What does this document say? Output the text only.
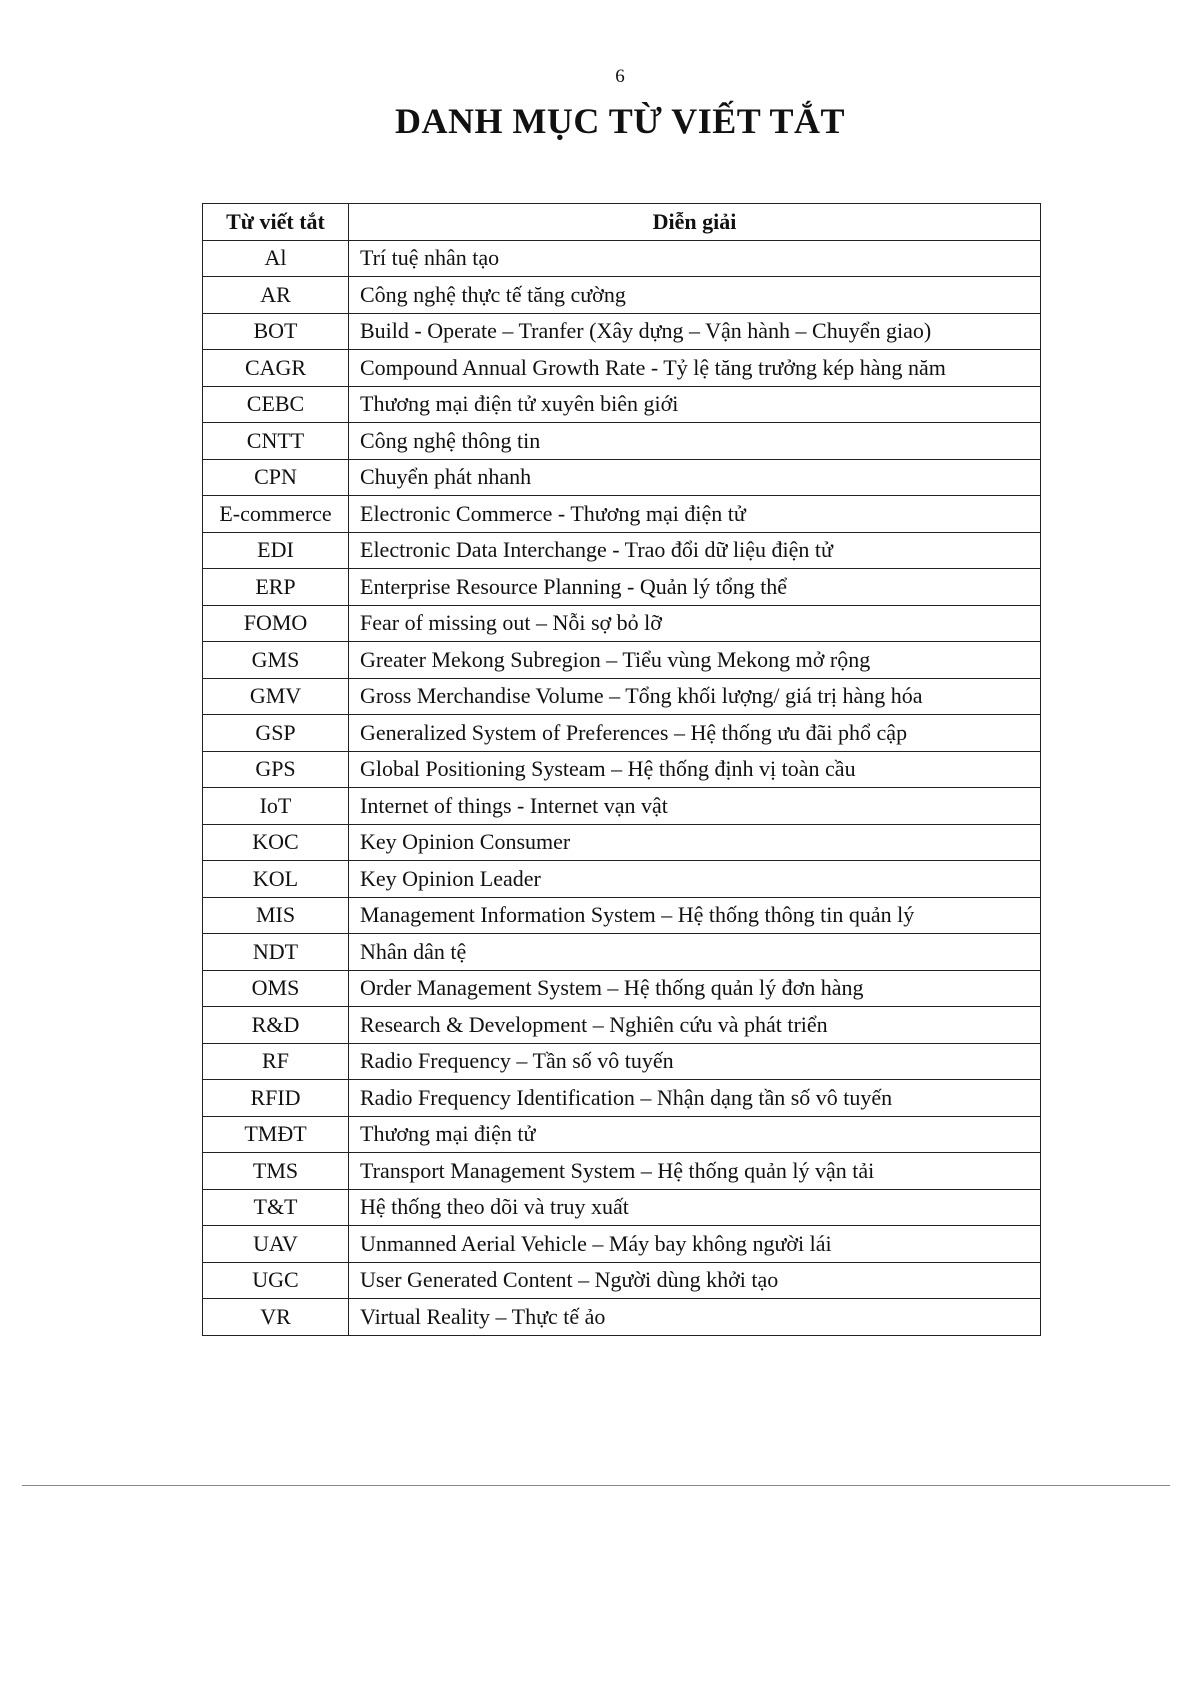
6
DANH MỤC TỪ VIẾT TẮT
Từ viết tắt	Diễn giải
Al	Trí tuệ nhân tạo
AR	Công nghệ thực tế tăng cường
BOT	Build - Operate – Tranfer (Xây dựng – Vận hành – Chuyển giao)
CAGR	Compound Annual Growth Rate - Tỷ lệ tăng trưởng kép hàng năm
CEBC	Thương mại điện tử xuyên biên giới
CNTT	Công nghệ thông tin
CPN	Chuyển phát nhanh
E-commerce	Electronic Commerce - Thương mại điện tử
EDI	Electronic Data Interchange - Trao đổi dữ liệu điện tử
ERP	Enterprise Resource Planning - Quản lý tổng thể
FOMO	Fear of missing out – Nỗi sợ bỏ lỡ
GMS	Greater Mekong Subregion – Tiểu vùng Mekong mở rộng
GMV	Gross Merchandise Volume – Tổng khối lượng/ giá trị hàng hóa
GSP	Generalized System of Preferences – Hệ thống ưu đãi phổ cập
GPS	Global Positioning Systeam – Hệ thống định vị toàn cầu
IoT	Internet of things - Internet vạn vật
KOC	Key Opinion Consumer
KOL	Key Opinion Leader
MIS	Management Information System – Hệ thống thông tin quản lý
NDT	Nhân dân tệ
OMS	Order Management System – Hệ thống quản lý đơn hàng
R&D	Research & Development – Nghiên cứu và phát triển
RF	Radio Frequency – Tần số vô tuyến
RFID	Radio Frequency Identification – Nhận dạng tần số vô tuyến
TMĐT	Thương mại điện tử
TMS	Transport Management System – Hệ thống quản lý vận tải
T&T	Hệ thống theo dõi và truy xuất
UAV	Unmanned Aerial Vehicle – Máy bay không người lái
UGC	User Generated Content – Người dùng khởi tạo
VR	Virtual Reality – Thực tế ảo
